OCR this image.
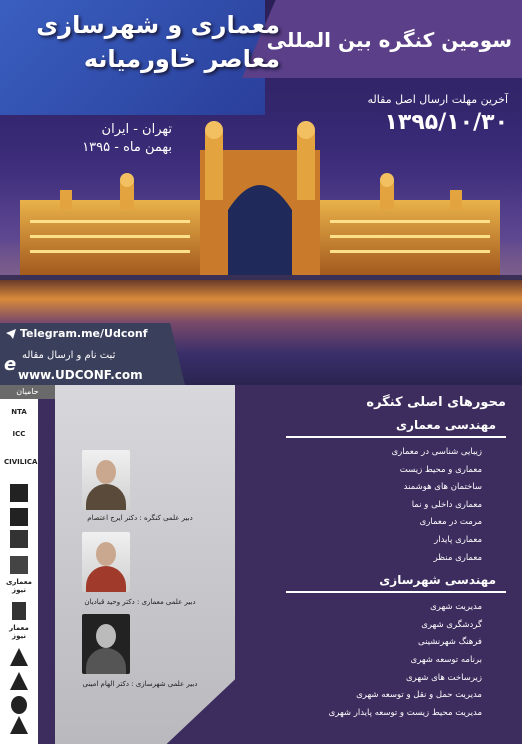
معماری و شهرسازی
معاصر خاورمیانه
سومین کنگره بین المللی
آخرین مهلت ارسال اصل مقاله
۱۳۹۵/۱۰/۳۰
تهران - ایران
بهمن ماه - ۱۳۹۵
Telegram.me/Udconf
e ثبت نام و ارسال مقاله
www.UDCONF.com
حامیان
NTA
ICC
CIVILICA
معماری نیوز
معمار نیوز
دبیر علمی کنگره : دکتر ایرج اعتصام
دبیر علمی معماری : دکتر وحید قبادیان
دبیر علمی شهرسازی : دکتر الهام امینی
محورهای اصلی کنگره
مهندسی معماری
زیبایی شناسی در معماری
معماری و محیط زیست
ساختمان های هوشمند
معماری داخلی و نما
مرمت در معماری
معماری پایدار
معماری منظر
مهندسی شهرسازی
مدیریت شهری
گردشگری شهری
فرهنگ شهرنشینی
برنامه توسعه شهری
زیرساخت های شهری
مدیریت حمل و نقل و توسعه شهری
مدیریت محیط زیست و توسعه پایدار شهری
